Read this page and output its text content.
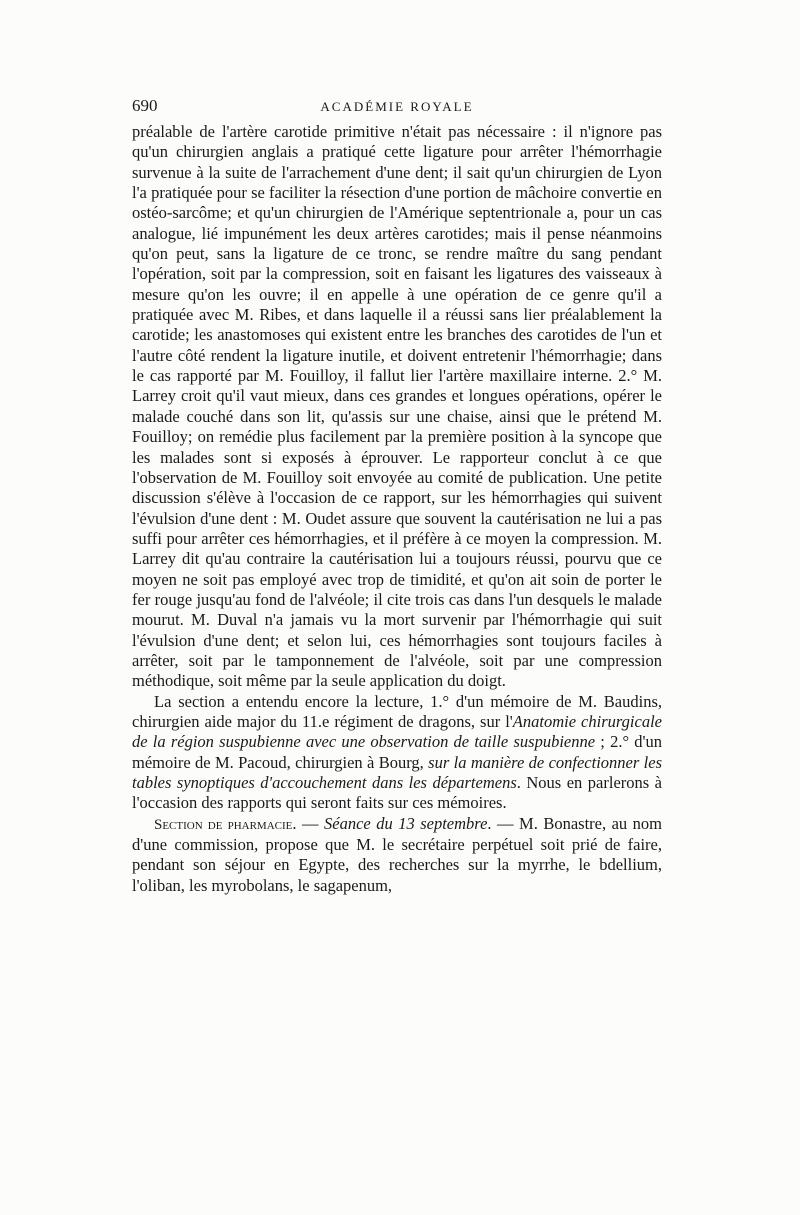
690	ACADÉMIE ROYALE

préalable de l'artère carotide primitive n'était pas nécessaire : il n'ignore pas qu'un chirurgien anglais a pratiqué cette ligature pour arrêter l'hémorrhagie survenue à la suite de l'arrachement d'une dent; il sait qu'un chirurgien de Lyon l'a pratiquée pour se faciliter la résection d'une portion de mâchoire convertie en ostéo-sarcôme; et qu'un chirurgien de l'Amérique septentrionale a, pour un cas analogue, lié impunément les deux artères carotides; mais il pense néanmoins qu'on peut, sans la ligature de ce tronc, se rendre maître du sang pendant l'opération, soit par la compression, soit en faisant les ligatures des vaisseaux à mesure qu'on les ouvre; il en appelle à une opération de ce genre qu'il a pratiquée avec M. Ribes, et dans laquelle il a réussi sans lier préalablement la carotide; les anastomoses qui existent entre les branches des carotides de l'un et l'autre côté rendent la ligature inutile, et doivent entretenir l'hémorrhagie; dans le cas rapporté par M. Fouilloy, il fallut lier l'artère maxillaire interne. 2.° M. Larrey croit qu'il vaut mieux, dans ces grandes et longues opérations, opérer le malade couché dans son lit, qu'assis sur une chaise, ainsi que le prétend M. Fouilloy; on remédie plus facilement par la première position à la syncope que les malades sont si exposés à éprouver. Le rapporteur conclut à ce que l'observation de M. Fouilloy soit envoyée au comité de publication. Une petite discussion s'élève à l'occasion de ce rapport, sur les hémorrhagies qui suivent l'évulsion d'une dent : M. Oudet assure que souvent la cautérisation ne lui a pas suffi pour arrêter ces hémorrhagies, et il préfère à ce moyen la compression. M. Larrey dit qu'au contraire la cautérisation lui a toujours réussi, pourvu que ce moyen ne soit pas employé avec trop de timidité, et qu'on ait soin de porter le fer rouge jusqu'au fond de l'alvéole; il cite trois cas dans l'un desquels le malade mourut. M. Duval n'a jamais vu la mort survenir par l'hémorrhagie qui suit l'évulsion d'une dent; et selon lui, ces hémorrhagies sont toujours faciles à arrêter, soit par le tamponnement de l'alvéole, soit par une compression méthodique, soit même par la seule application du doigt.

La section a entendu encore la lecture, 1.° d'un mémoire de M. Baudins, chirurgien aide major du 11.e régiment de dragons, sur l'Anatomie chirurgicale de la région suspubienne avec une observation de taille suspubienne ; 2.° d'un mémoire de M. Pacoud, chirurgien à Bourg, sur la manière de confectionner les tables synoptiques d'accouchement dans les départemens. Nous en parlerons à l'occasion des rapports qui seront faits sur ces mémoires.

Section de pharmacie. — Séance du 13 septembre. — M. Bonastre, au nom d'une commission, propose que M. le secrétaire perpétuel soit prié de faire, pendant son séjour en Egypte, des recherches sur la myrrhe, le bdellium, l'oliban, les myrobolans, le sagapenum,
